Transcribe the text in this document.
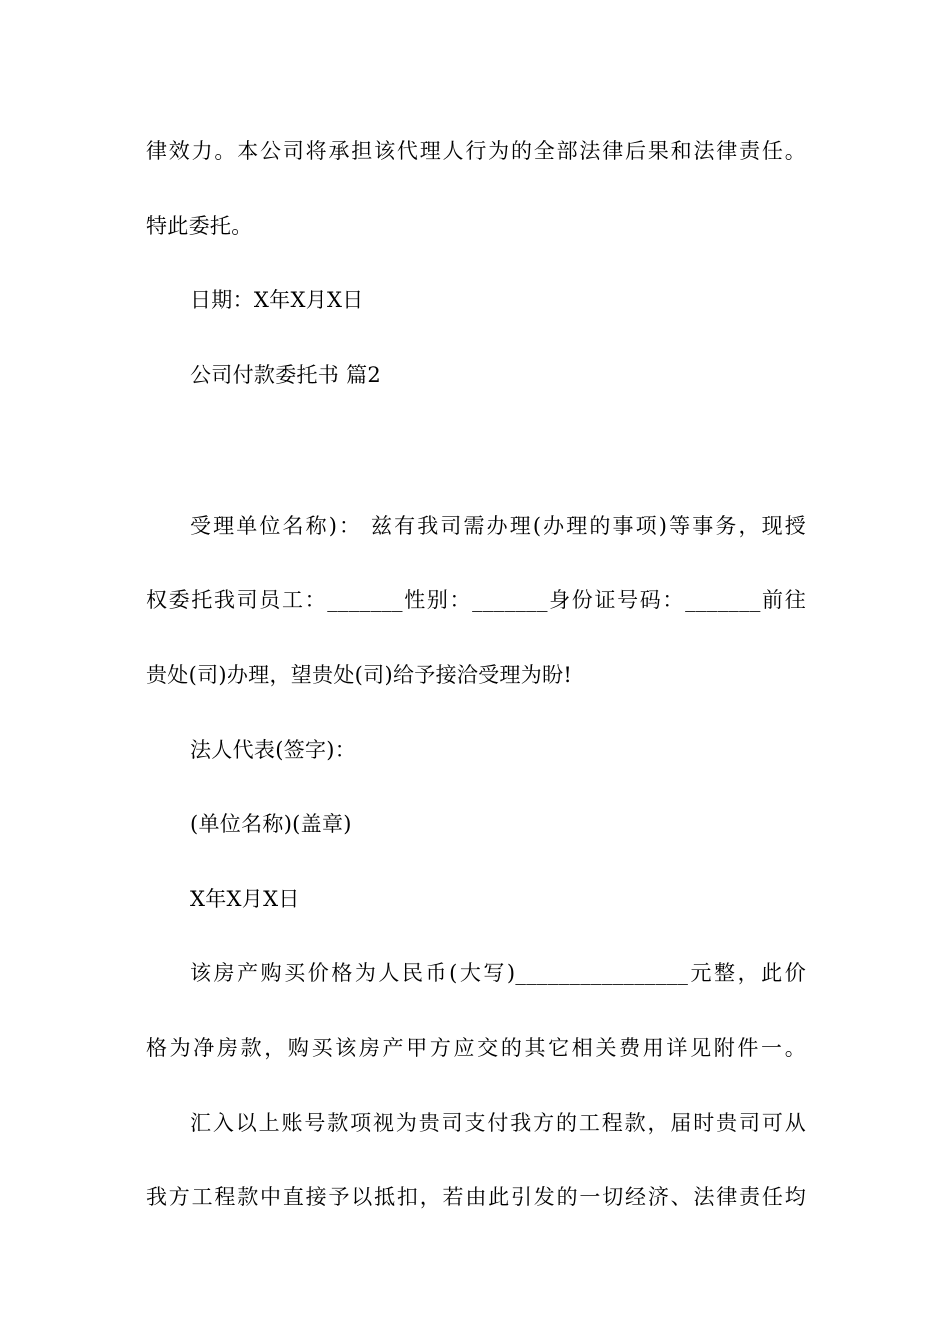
律效力。本公司将承担该代理人行为的全部法律后果和法律责任。
特此委托。
日期：X年X月X日
公司付款委托书 篇2
受理单位名称)： 兹有我司需办理(办理的事项)等事务，现授
权委托我司员工：_______性别：_______身份证号码：_______前往
贵处(司)办理，望贵处(司)给予接洽受理为盼!
法人代表(签字)：
(单位名称)(盖章)
X年X月X日
该房产购买价格为人民币(大写)________________元整，此价
格为净房款，购买该房产甲方应交的其它相关费用详见附件一。
汇入以上账号款项视为贵司支付我方的工程款，届时贵司可从
我方工程款中直接予以抵扣，若由此引发的一切经济、法律责任均
